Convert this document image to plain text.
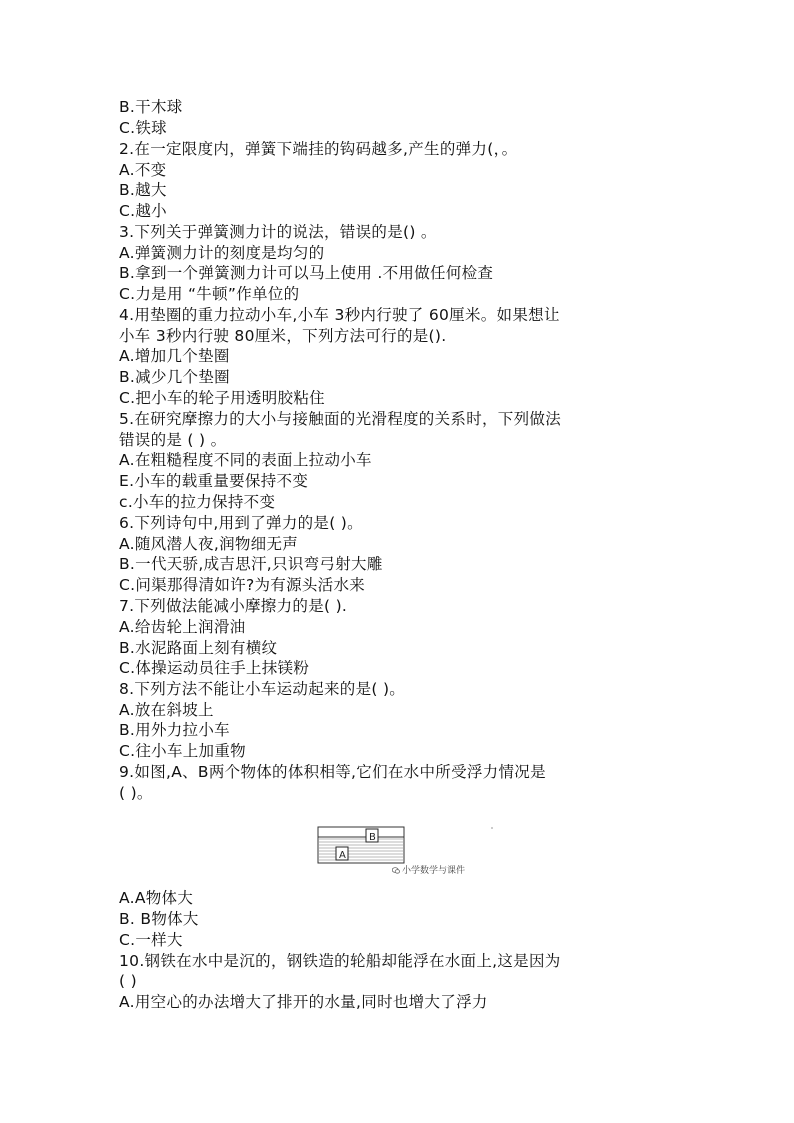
B.干木球
C.铁球
2.在一定限度内，弹簧下端挂的钩码越多,产生的弹力(，。
A.不变
B.越大
C.越小
3.下列关于弹簧测力计的说法，错误的是() 。
A.弹簧测力计的刻度是均匀的
B.拿到一个弹簧测力计可以马上使用 .不用做任何检查
C.力是用 “牛顿”作单位的
4.用垫圈的重力拉动小车,小车 3秒内行驶了 60厘米。如果想让
小车 3秒内行驶 80厘米，下列方法可行的是().
A.增加几个垫圈
B.减少几个垫圈
C.把小车的轮子用透明胶粘住
5.在研究摩擦力的大小与接触面的光滑程度的关系时，下列做法
错误的是 ( ) 。
A.在粗糙程度不同的表面上拉动小车
E.小车的载重量要保持不变
c.小车的拉力保持不变
6.下列诗句中,用到了弹力的是( )。
A.随风潜人夜,润物细无声
B.一代天骄,成吉思汗,只识弯弓射大雕
C.问渠那得清如许?为有源头活水来
7.下列做法能减小摩擦力的是( ).
A.给齿轮上润滑油
B.水泥路面上刻有横纹
C.体操运动员往手上抹镁粉
8.下列方法不能让小车运动起来的是( )。
A.放在斜坡上
B.用外力拉小车
C.往小车上加重物
9.如图,A、B两个物体的体积相等,它们在水中所受浮力情况是
( )。
A
B
小学数学与课件
A.A物体大
B. B物体大
C.一样大
10.钢铁在水中是沉的，钢铁造的轮船却能浮在水面上,这是因为
( )
A.用空心的办法增大了排开的水量,同时也增大了浮力
